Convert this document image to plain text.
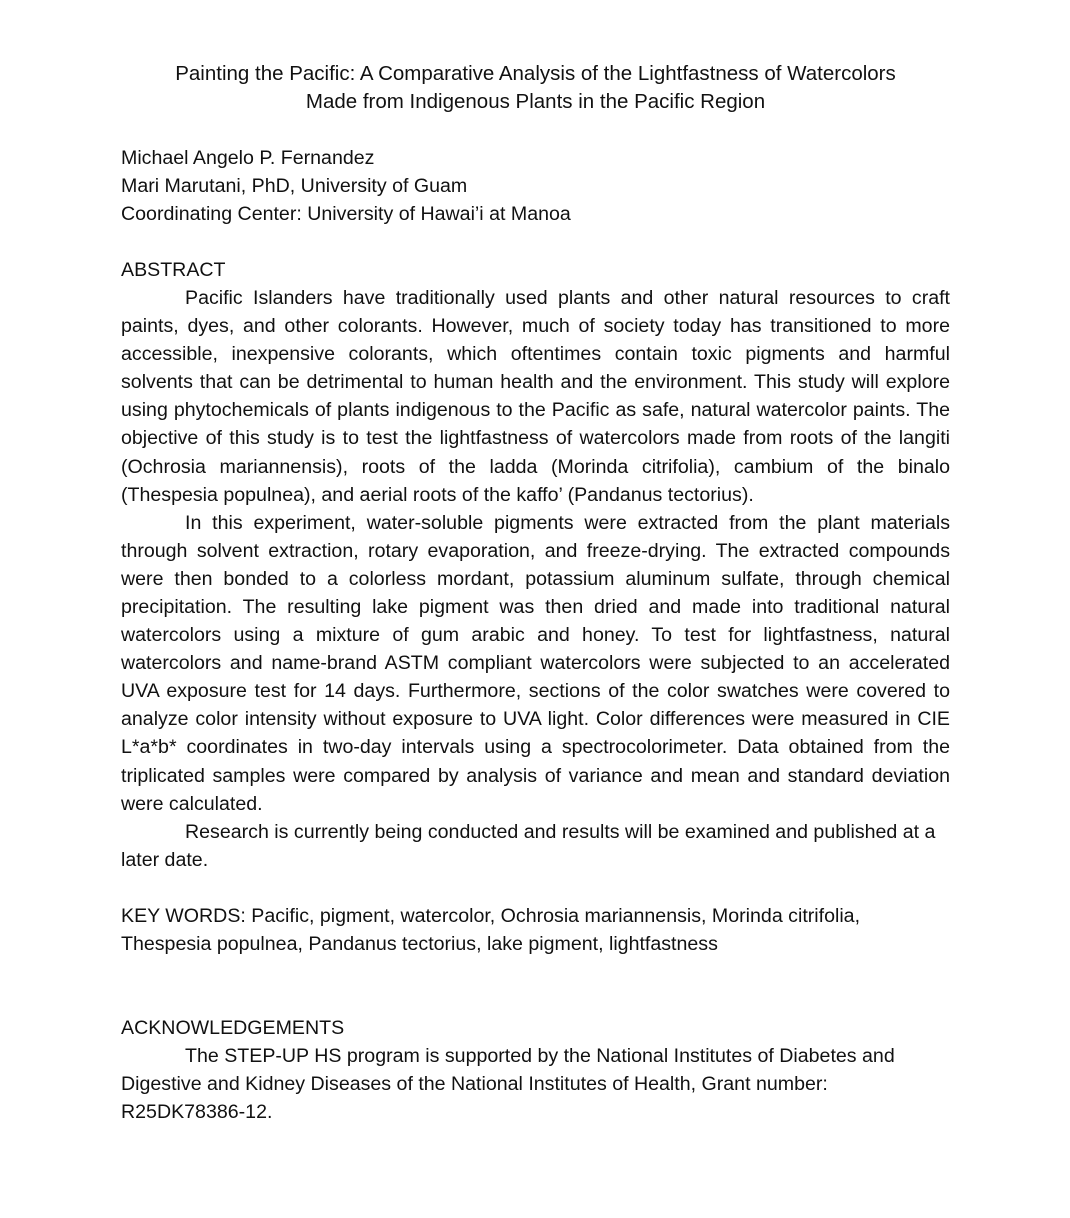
Painting the Pacific: A Comparative Analysis of the Lightfastness of Watercolors
Made from Indigenous Plants in the Pacific Region
Michael Angelo P. Fernandez
Mari Marutani, PhD, University of Guam
Coordinating Center: University of Hawai’i at Manoa
ABSTRACT

Pacific Islanders have traditionally used plants and other natural resources to craft paints, dyes, and other colorants. However, much of society today has transitioned to more accessible, inexpensive colorants, which oftentimes contain toxic pigments and harmful solvents that can be detrimental to human health and the environment. This study will explore using phytochemicals of plants indigenous to the Pacific as safe, natural watercolor paints. The objective of this study is to test the lightfastness of watercolors made from roots of the langiti (Ochrosia mariannensis), roots of the ladda (Morinda citrifolia), cambium of the binalo (Thespesia populnea), and aerial roots of the kaffo’ (Pandanus tectorius).

In this experiment, water-soluble pigments were extracted from the plant materials through solvent extraction, rotary evaporation, and freeze-drying. The extracted compounds were then bonded to a colorless mordant, potassium aluminum sulfate, through chemical precipitation. The resulting lake pigment was then dried and made into traditional natural watercolors using a mixture of gum arabic and honey. To test for lightfastness, natural watercolors and name-brand ASTM compliant watercolors were subjected to an accelerated UVA exposure test for 14 days. Furthermore, sections of the color swatches were covered to analyze color intensity without exposure to UVA light. Color differences were measured in CIE L*a*b* coordinates in two-day intervals using a spectrocolorimeter. Data obtained from the triplicated samples were compared by analysis of variance and mean and standard deviation were calculated.

Research is currently being conducted and results will be examined and published at a later date.

KEY WORDS: Pacific, pigment, watercolor, Ochrosia mariannensis, Morinda citrifolia, Thespesia populnea, Pandanus tectorius, lake pigment, lightfastness
ACKNOWLEDGEMENTS

The STEP-UP HS program is supported by the National Institutes of Diabetes and Digestive and Kidney Diseases of the National Institutes of Health, Grant number: R25DK78386-12.
